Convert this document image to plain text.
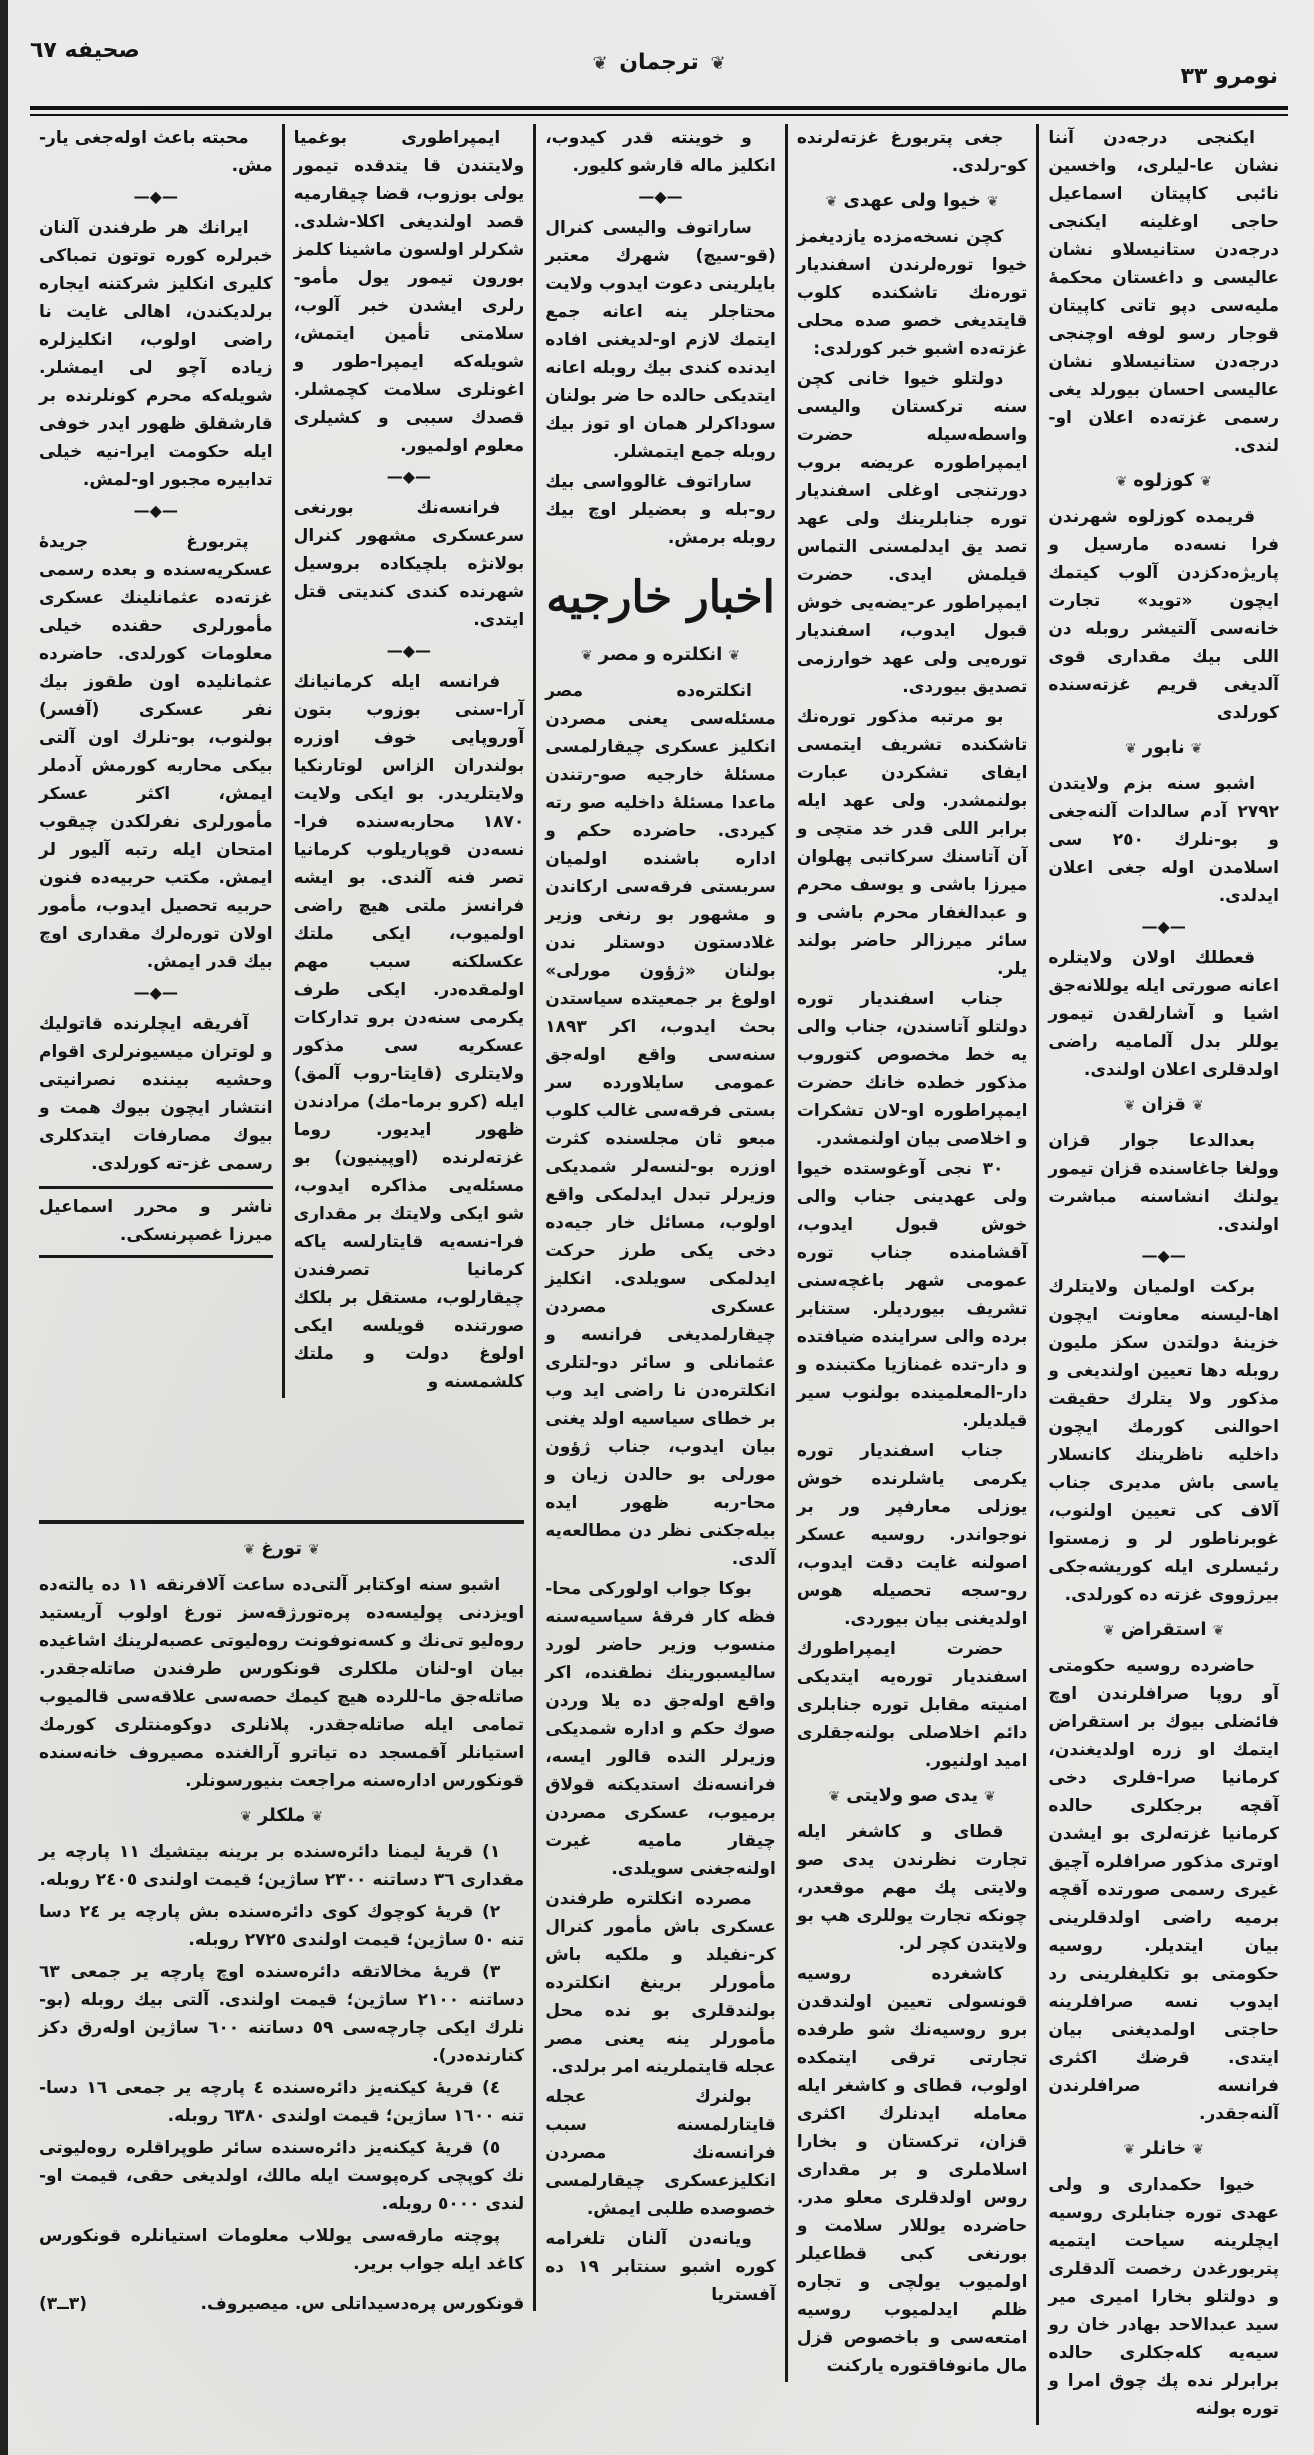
نومرو ٣٣
❦ ترجمان ❦
صحيفه ٦٧

ايكنجی درجه‌دن آننا نشان عا-ليلری، واخسين نائبی كاپيتان اسماعيل حاجی اوغلينه ايكنجی درجه‌دن ستانيسلاو نشان عاليسی و داغستان محكمهٔ مليه‌سی دپو تاتی كاپيتان قوجار رسو لوفه اوچنجی درجه‌دن ستانيسلاو نشان عاليسی احسان بيورلد يغی رسمی غزته‌ده اعلان او-لندی.

❦كوزلوه❦

قريمده كوزلوه شهرندن فرا نسه‌ده مارسيل و پاريژه‌دكزدن آلوب كيتمك ايچون «تويد» تجارت خانه‌سی آلتيشر روبله دن اللی بيك مقداری قوی آلديغی قريم غزته‌سنده كورلدی

❦نابور❦

اشبو سنه بزم ولايتدن ٢٧٩٢ آدم سالدات آلنه‌جغی و بو-نلرك ٢٥٠ سی اسلامدن اوله جغی اعلان ايدلدی.

—◆—

قعطلك اولان ولايتلره اعانه صورتی ايله يوللانه‌جق اشيا و آشارلقدن تيمور يوللر بدل آلماميه راضی اولدقلری اعلان اولندی.

❦قزان❦

بعدالدعا جوار قزان وولغا جاغاسنده قزان تيمور يولنك انشاسنه مباشرت اولندی.

—◆—

بركت اولميان ولايتلرك اها-ليسنه معاونت ايچون خزينهٔ دولتدن سكز مليون روبله دها تعيين اولنديغی و مذكور ولا يتلرك حقيقت احوالنی كورمك ايچون داخليه ناظرينك كانسلار ياسی باش مديری جناب آلاف كی تعيين اولنوب، غوبرناطور لر و زمستوا رئيسلری ايله كوريشه‌جكی بيرژووی غزته ده كورلدی.

❦استقراض❦

حاضرده روسيه حكومتی آو روپا صرافلرندن اوچ فائضلی بيوك بر استقراض ايتمك او زره اولديغندن، كرمانيا صرا-فلری دخی آقچه برجكلری حالده كرمانيا غزته‌لری بو ايشدن اوتری مذكور صرافلره آچيق غيری رسمی صورتده آقچه برميه راضی اولدقلرينی بيان ايتديلر. روسيه حكومتی بو تكليفلرينی رد ايدوب نسه صرافلرينه حاجتی اولمديغنی بيان ايتدی. قرضك اكثری فرانسه صرافلرندن آلنه‌جقدر.

❦خانلر❦

خيوا حكمداری و ولی عهدی توره جنابلری روسيه ايچلرينه سياحت ايتميه پتربورغدن رخصت آلدقلری و دولتلو بخارا اميری مير سيد عبدالاحد بهادر خان رو سيه‌يه كله‌جكلری حالده برابرلر نده پك چوق امرا و توره بولنه

جغی پتربورغ غزته‌لرنده كو-رلدی.

❦خيوا ولی عهدی❦

كچن نسخه‌مزده يازديغمز خيوا توره‌لرندن اسفنديار توره‌نك تاشكنده كلوب قايتديغی خصو صده محلی غزته‌ده اشبو خبر كورلدی:

دولتلو خيوا خانی كچن سنه تركستان واليسی واسطه‌سيله حضرت ايمپراطوره عريضه بروب دورتنجی اوغلی اسفنديار توره جنابلرينك ولی عهد تصد يق ايدلمسنی التماس قيلمش ايدی. حضرت ايمپراطور عر-يضه‌يی خوش قبول ايدوب، اسفنديار توره‌يی ولی عهد خوارزمی تصديق بيوردی.

بو مرتبه مذكور توره‌نك تاشكنده تشريف ايتمسی ايفای تشكردن عبارت بولنمشدر. ولی عهد ايله برابر اللی قدر خد متچی و آن آتاسنك سركاتبی پهلوان ميرزا باشی و يوسف محرم و عبدالغفار محرم باشی و سائر ميرزالر حاضر بولند يلر.

جناب اسفنديار توره دولتلو آتاسندن، جناب والی يه خط مخصوص كتوروب مذكور خطده خانك حضرت ايمپراطوره او-لان تشكرات و اخلاصی بيان اولنمشدر.

٣٠ نجی آوغوستده خيوا ولی عهدينی جناب والی خوش قبول ايدوب، آقشامنده جناب توره عمومی شهر باغچه‌سنی تشريف بيورديلر. ستنابر برده والی سراينده ضيافتده و دار-تده غمنازيا مكتبنده و دار-المعلمينده بولنوب سير قيلديلر.

جناب اسفنديار توره يكرمی ياشلرنده خوش يوزلی معارفپر ور بر نوجواندر. روسيه عسكر اصولنه غايت دقت ايدوب، رو-سجه تحصيله هوس اولديغنی بيان بيوردی.

حضرت ايمپراطورك اسفنديار توره‌يه ايتديكی امنيته مقابل توره جنابلری دائم اخلاصلی بولنه‌جقلری اميد اولنيور.

❦يدی صو ولايتی❦

قطای و كاشغر ايله تجارت نظرندن يدی صو ولايتی پك مهم موقعدر، چونكه تجارت يوللری هپ بو ولايتدن كچر لر.

كاشغرده روسيه قونسولی تعيين اولندقدن برو روسيه‌نك شو طرفده تجارتی ترقی ايتمكده اولوب، قطای و كاشغر ايله معامله ايدنلرك اكثری قزان، تركستان و بخارا اسلاملری و بر مقداری روس اولدقلری معلو مدر. حاضرده يوللار سلامت و بورنغی كبی قطاعيلر اولميوب يولچی و تجاره ظلم ايدلميوب روسيه امتعه‌سی و باخصوص قزل مال مانوفاقتوره يارکنت

و خوينته قدر كيدوب، انكليز ماله قارشو كليور.

—◆—

ساراتوف واليسی كنرال (قو-سيچ) شهرك معتبر بايلرينی دعوت ايدوب ولايت محتاجلر ينه اعانه جمع ايتمك لازم او-لديغنی افاده ايدنده كندی بيك روبله اعانه ايتديكی حالده حا ضر بولنان سوداكرلر همان او توز بيك روبله جمع ايتمشلر.

ساراتوف غالوواسی بيك رو-بله و بعضيلر اوچ بيك روبله برمش.

اخبار خارجيه
❦انكلتره و مصر❦

انكلتره‌ده مصر مسئله‌سی يعنی مصردن انكليز عسكری چيقارلمسی مسئلهٔ خارجيه صو-رتندن ماعدا مسئلهٔ داخليه صو رته كيردی. حاضرده حكم و اداره باشنده اولميان سربستی فرقه‌سی اركاندن و مشهور بو رنغی وزير غلادستون دوستلر ندن بولنان «ژؤون مورلی» اولوغ بر جمعيتده سياستدن بحث ايدوب، اكر ١٨٩٣ سنه‌سی واقع اوله‌جق عمومی سايلاورده سر بستی فرقه‌سی غالب كلوب مبعو ثان مجلسنده كثرت اوزره بو-لنسه‌لر شمديكی وزيرلر تبدل ايدلمكی واقع اولوب، مسائل خار جيه‌ده دخی يكی طرز حركت ايدلمكی سويلدی. انكليز عسكری مصردن چيقارلمديغی فرانسه و عثمانلی و سائر دو-لتلری انكلتره‌دن نا راضی ايد وب بر خطای سياسيه اولد يغنی بيان ايدوب، جناب ژؤون مورلی بو حالدن زيان و محا-ربه ظهور ايده بيله‌جكنی نظر دن مطالعه‌يه آلدی.

بوكا جواب اولوركی محا-فظه كار فرقهٔ سياسيه‌سنه منسوب وزير حاضر لورد ساليسبورينك نطقنده، اكر واقع اوله‌جق ده يلا وردن صوك حكم و اداره شمديكی وزيرلر النده قالور ايسه، فرانسه‌نك استديكنه قولاق برميوب، عسكری مصردن چيقار ماميه غيرت اولنه‌جغنی سويلدی.

مصرده انكلتره طرفندن عسكری باش مأمور كنرال كر-نفيلد و ملكيه باش مأمورلر برينغ انكلترده بولندقلری بو نده محل مأمورلر ينه يعنی مصر عجله قايتملرينه امر برلدی.

بولنرك عجله قايتارلمسنه سبب فرانسه‌نك مصردن انكليزعسكری چيقارلمسی خصوصده طلبی ايمش.

ويانه‌دن آلنان تلغرامه كوره اشبو سنتابر ١٩ ده آفستريا

ايمپراطوری بوغميا ولايتندن قا يتدقده تيمور يولی بوزوب، قضا چيقارميه قصد اولنديغی اكلا-شلدی. شكرلر اولسون ماشينا كلمز بورون تيمور يول مأمو-رلری ايشدن خبر آلوب، سلامتی تأمين ايتمش، شويله‌كه ايمپرا-طور و اغونلری سلامت كچمشلر. قصدك سببی و كشيلری معلوم اولميور.

—◆—

فرانسه‌نك بورنغی سرعسكری مشهور كنرال بولانژه بلچيكاده بروسيل شهرنده كندی كنديتی قتل ايتدی.

—◆—

فرانسه ايله كرمانيانك آرا-سنی بوزوب بتون آوروپايی خوف اوزره بولندران الزاس لوتارنكيا ولايتلريدر. بو ايكی ولايت ١٨٧٠ محاربه‌سنده فرا-نسه‌دن قوپاريلوب كرمانيا تصر فنه آلندی. بو ايشه فرانسز ملتی هيچ راضی اولميوب، ايكی ملتك عكسلكنه سبب مهم اولمقده‌در. ايكی طرف يكرمی سنه‌دن برو تداركات عسكريه‌ سی مذكور ولايتلری (قايتا-روب آلمق) ايله (كرو برما-مك) مرادندن ظهور ايديور. روما غزته‌لرنده (اوپينيون) بو مسئله‌يی مذاكره ايدوب، شو ايكی ولايتك بر مقداری فرا-نسه‌يه قايتارلسه ياكه كرمانيا تصرفندن چيقارلوب، مستقل بر بلكك صورتنده قويلسه ايكی اولوغ دولت و ملتك كلشمسنه و

محبته باعث اوله‌جغی يار-مش.

—◆—

ايرانك هر طرفندن آلنان خبرلره كوره توتون تمباكی كليری انكليز شركتنه ايجاره برلديكندن، اهالی غايت نا راضی اولوب، انكليزلره زياده آچو لی ايمشلر. شويله‌كه محرم كونلرنده بر قارشقلق ظهور ايدر خوفی ايله حكومت ايرا-نيه خيلی تدابيره مجبور او-لمش.

—◆—

پتربورغ جريدهٔ عسكريه‌سنده و بعده رسمی غزته‌ده عثمانلينك عسكری مأمورلری حقنده خيلی معلومات كورلدی. حاضرده عثمانليده اون طقوز بيك نفر عسكری (آفسر) بولنوب، بو-نلرك اون آلتی بيكی محاربه كورمش آدملر ايمش، اكثر عسكر مأمورلری نفرلكدن چيقوب امتحان ايله رتبه آليور لر ايمش. مكتب حربيه‌ده فنون حربيه تحصيل ايدوب، مأمور اولان توره‌لرك مقداری اوچ بيك قدر ايمش.

—◆—

آفريقه ايچلرنده قاتوليك و لوتران ميسيونرلری اقوام وحشيه بيننده نصرانيتی انتشار ايچون بيوك همت و بيوك مصارفات ايتدكلری رسمی غز-ته كورلدی.

ناشر و محرر اسماعيل ميرزا غصپرنسكی.

❦تورغ❦

اشبو سنه اوكتابر آلتی‌ده ساعت آلافرنقه ١١ ده يالته‌ده اويزدنی پوليسه‌ده پره‌تورژقه‌سز تورغ اولوب آريستيد روه‌ليو تی‌نك و كسه‌نوفونت روه‌ليوتی عصبه‌لرينك اشاغيده بيان او-لنان ملكلری قونكورس طرفندن صاتله‌جقدر. صاتله‌جق ما-للرده هيچ كيمك حصه‌سی علاقه‌سی قالميوب تمامی ايله صاتله‌جقدر. پلانلری دوكومنتلری كورمك استيانلر آقمسجد ده تياترو آرالغنده مصيروف خانه‌سنده قونكورس اداره‌سنه مراجعت بنيورسونلر.

❦ملكلر❦

١) قريهٔ ليمنا دائره‌سنده بر برينه بيتشيك ١١ پارچه ير مقداری ٣٦ دساتنه ٢٣٠٠ ساژين؛ قيمت اولندی ٢٤٠٥ روبله.

٢) قريهٔ كوچوك كوی دائره‌سنده بش پارچه ير ٢٤ دسا تنه ٥٠ ساژين؛ قيمت اولندی ٢٧٢٥ روبله.

٣) قريهٔ مخالاتقه دائره‌سنده اوچ پارچه ير جمعی ٦٣ دساتنه ٢١٠٠ ساژين؛ قيمت اولندی. آلتی بيك روبله (بو-نلرك ايكی چارچه‌سی ٥٩ دساتنه ٦٠٠ ساژين اوله‌رق دكز كنارنده‌در).

٤) قريهٔ كيكنه‌يز دائره‌سنده ٤ پارچه ير جمعی ١٦ دسا-تنه ١٦٠٠ ساژين؛ قيمت اولندی ٦٣٨٠ روبله.

٥) قريهٔ كيكنه‌يز دائره‌سنده سائر طوپراقلره روه‌ليوتی نك كوپچی كره‌پوست ايله مالك، اولديغی حقی، قيمت او-لندی ٥٠٠٠ روبله.

پوچته مارقه‌سی يوللاب معلومات استيانلره قونكورس كاغد ايله جواب برير.

قونكورس پره‌دسيداتلی س. ميصيروف.
(٣ــ٣)
